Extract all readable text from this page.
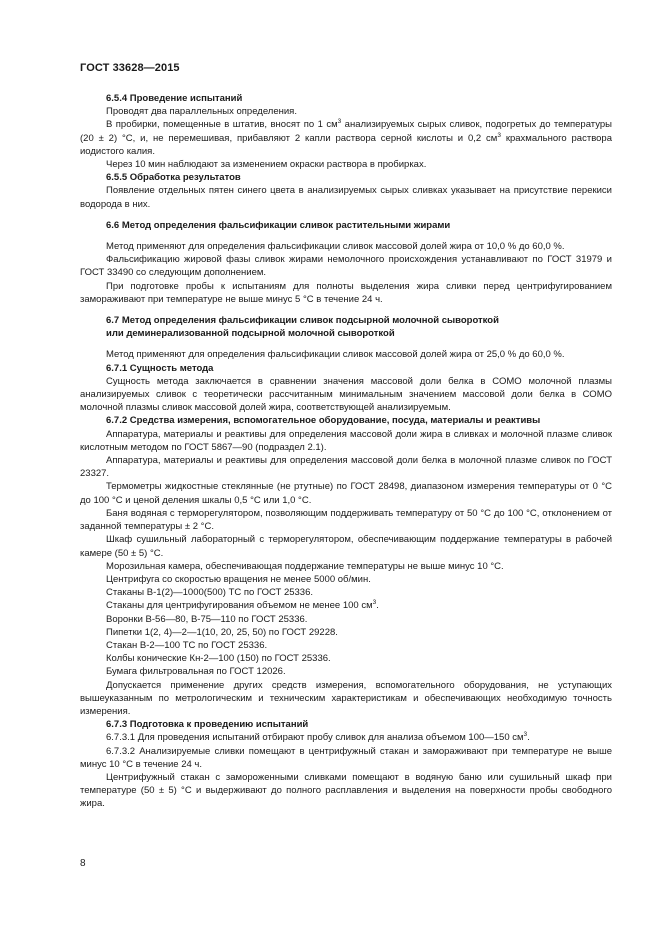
ГОСТ 33628—2015

6.5.4 Проведение испытаний

Проводят два параллельных определения.

В пробирки, помещенные в штатив, вносят по 1 $см^3$ анализируемых сырых сливок, подогретых до температуры (20 ± 2) °С, и, не перемешивая, прибавляют 2 капли раствора серной кислоты и 0,2 $см^3$ крахмального раствора иодистого калия.

Через 10 мин наблюдают за изменением окраски раствора в пробирках.

6.5.5 Обработка результатов

Появление отдельных пятен синего цвета в анализируемых сырых сливках указывает на присутствие перекиси водорода в них.

6.6 Метод определения фальсификации сливок растительными жирами

Метод применяют для определения фальсификации сливок массовой долей жира от 10,0 % до 60,0 %.

Фальсификацию жировой фазы сливок жирами немолочного происхождения устанавливают по ГОСТ 31979 и ГОСТ 33490 со следующим дополнением.

При подготовке пробы к испытаниям для полноты выделения жира сливки перед центрифугированием замораживают при температуре не выше минус 5 °С в течение 24 ч.

6.7 Метод определения фальсификации сливок подсырной молочной сывороткой

или деминерализованной подсырной молочной сывороткой

Метод применяют для определения фальсификации сливок массовой долей жира от 25,0 % до 60,0 %.

6.7.1 Сущность метода

Сущность метода заключается в сравнении значения массовой доли белка в СОМО молочной плазмы анализируемых сливок с теоретически рассчитанным минимальным значением массовой доли белка в СОМО молочной плазмы сливок массовой долей жира, соответствующей анализируемым.

6.7.2 Средства измерения, вспомогательное оборудование, посуда, материалы и реактивы

Аппаратура, материалы и реактивы для определения массовой доли жира в сливках и молочной плазме сливок кислотным методом по ГОСТ 5867—90 (подраздел 2.1).

Аппаратура, материалы и реактивы для определения массовой доли белка в молочной плазме сливок по ГОСТ 23327.

Термометры жидкостные стеклянные (не ртутные) по ГОСТ 28498, диапазоном измерения температуры от 0 °С до 100 °С и ценой деления шкалы 0,5 °С или 1,0 °С.

Баня водяная с терморегулятором, позволяющим поддерживать температуру от 50 °С до 100 °С, отклонением от заданной температуры ± 2 °С.

Шкаф сушильный лабораторный с терморегулятором, обеспечивающим поддержание температуры в рабочей камере (50 ± 5) °С.

Морозильная камера, обеспечивающая поддержание температуры не выше минус 10 °С.

Центрифуга со скоростью вращения не менее 5000 об/мин.

Стаканы В-1(2)—1000(500) ТС по ГОСТ 25336.

Стаканы для центрифугирования объемом не менее 100 $см^3$.

Воронки В-56—80, В-75—110 по ГОСТ 25336.

Пипетки 1(2, 4)—2—1(10, 20, 25, 50) по ГОСТ 29228.

Стакан В-2—100 ТС по ГОСТ 25336.

Колбы конические Кн-2—100 (150) по ГОСТ 25336.

Бумага фильтровальная по ГОСТ 12026.

Допускается применение других средств измерения, вспомогательного оборудования, не уступающих вышеуказанным по метрологическим и техническим характеристикам и обеспечивающих необходимую точность измерения.

6.7.3 Подготовка к проведению испытаний

6.7.3.1 Для проведения испытаний отбирают пробу сливок для анализа объемом 100—150 $см^3$.

6.7.3.2 Анализируемые сливки помещают в центрифужный стакан и замораживают при температуре не выше минус 10 °С в течение 24 ч.

Центрифужный стакан с замороженными сливками помещают в водяную баню или сушильный шкаф при температуре (50 ± 5) °С и выдерживают до полного расплавления и выделения на поверхности пробы свободного жира.

8
